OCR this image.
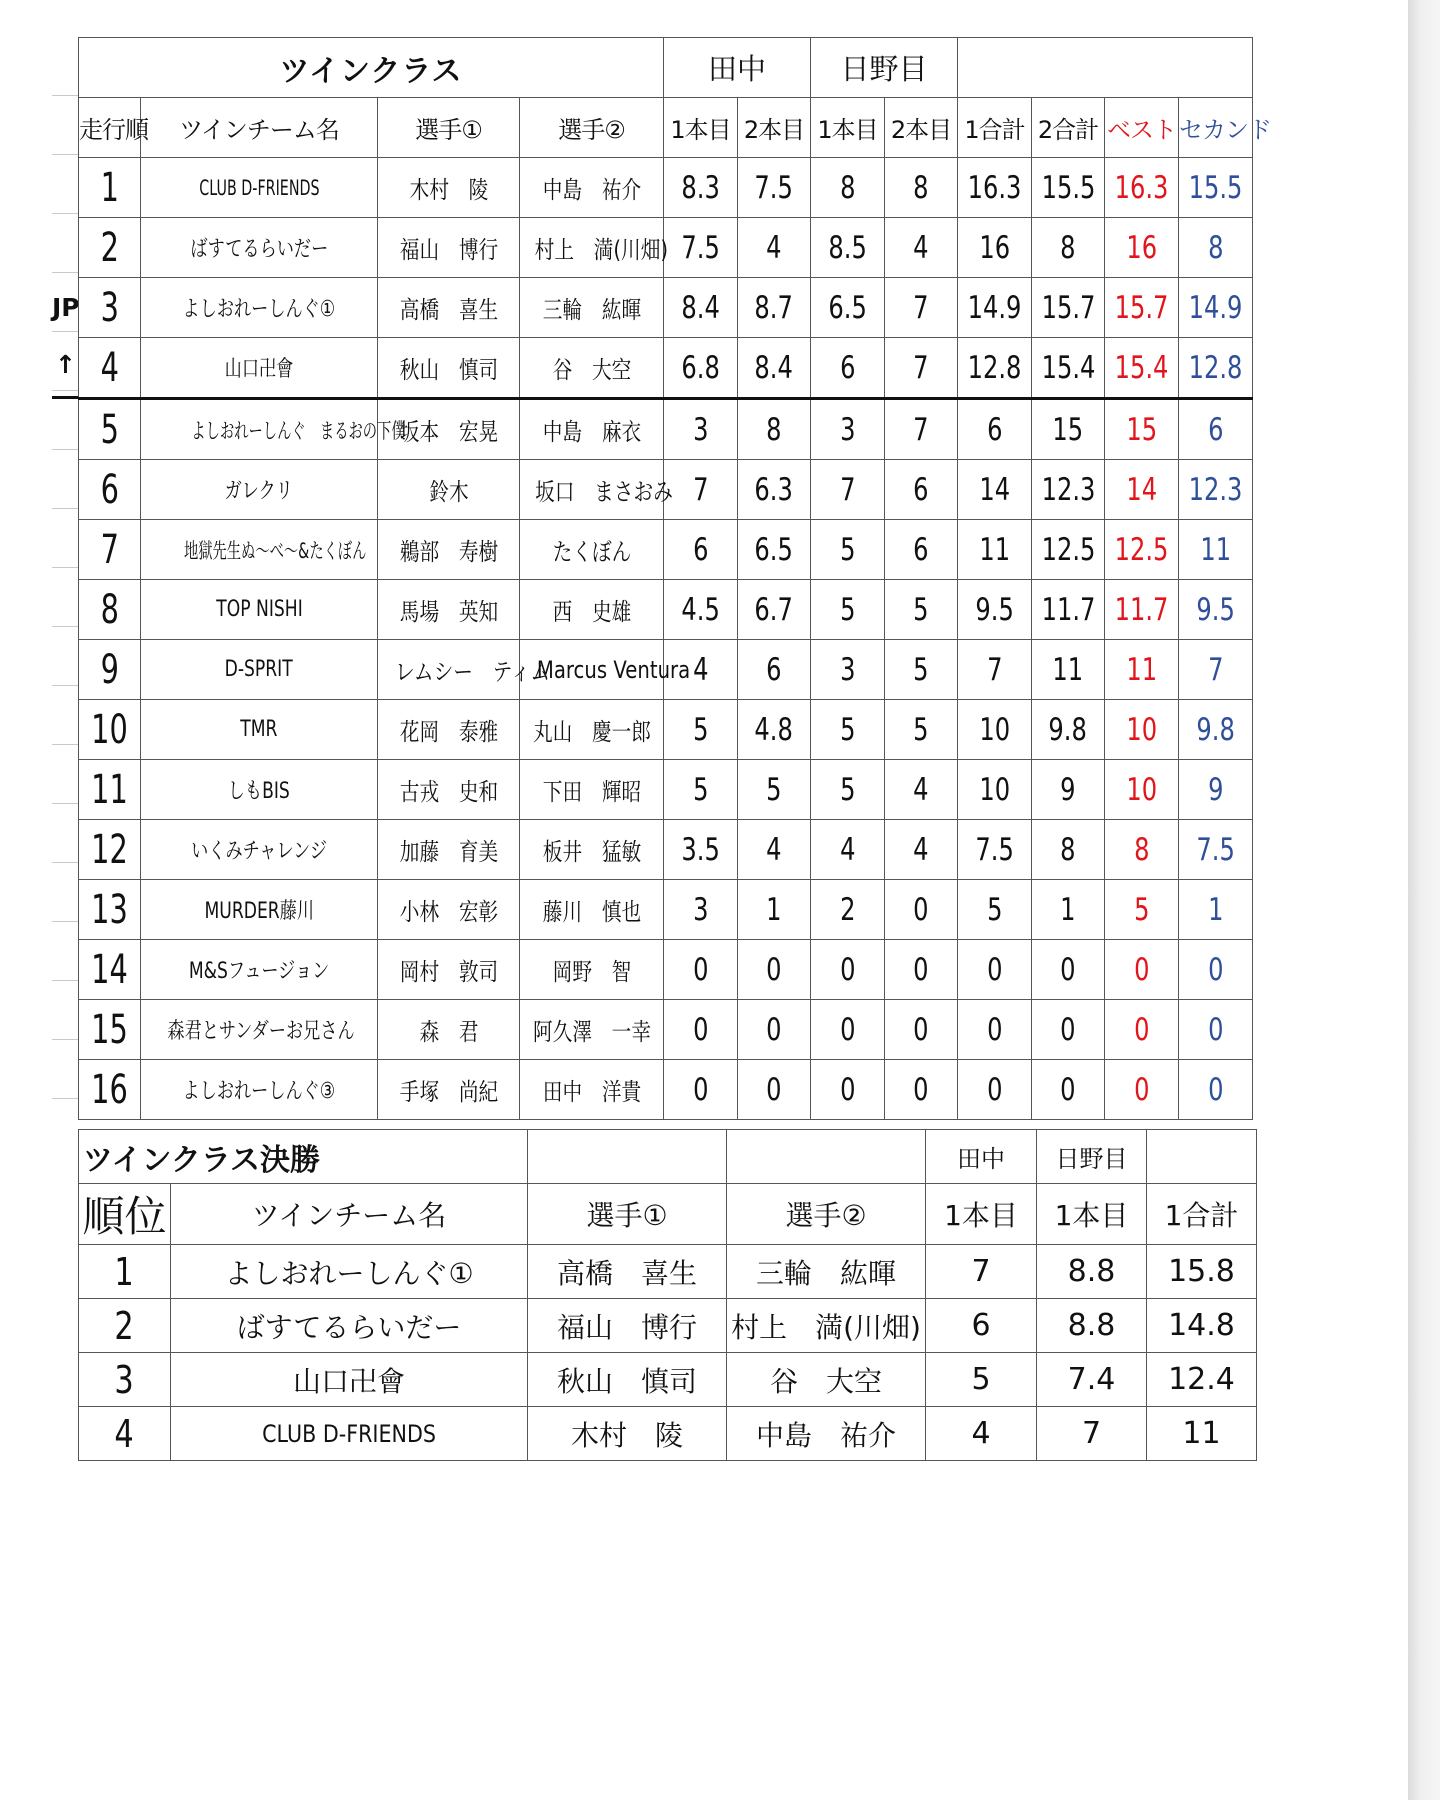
JP
↑
ツインクラス				田中		日野目					
走行順	ツインチーム名	選手①	選手②	1本目	2本目	1本目	2本目	1合計	2合計	ベスト	セカンド
1	CLUB D-FRIENDS	木村　陵	中島　祐介	8.3	7.5	8	8	16.3	15.5	16.3	15.5
2	ばすてるらいだー	福山　博行	村上　満(川畑)	7.5	4	8.5	4	16	8	16	8
3	よしおれーしんぐ①	高橋　喜生	三輪　紘暉	8.4	8.7	6.5	7	14.9	15.7	15.7	14.9
4	山口卍會	秋山　慎司	谷　大空	6.8	8.4	6	7	12.8	15.4	15.4	12.8
5	よしおれーしんぐ　まるおの下僕	坂本　宏晃	中島　麻衣	3	8	3	7	6	15	15	6
6	ガレクリ	鈴木	坂口　まさおみ	7	6.3	7	6	14	12.3	14	12.3
7	地獄先生ぬ～べ～&たくぼん	鵜部　寿樹	たくぼん	6	6.5	5	6	11	12.5	12.5	11
8	TOP NISHI	馬場　英知	西　史雄	4.5	6.7	5	5	9.5	11.7	11.7	9.5
9	D-SPRIT	レムシー　ティム	Marcus Ventura	4	6	3	5	7	11	11	7
10	TMR	花岡　泰雅	丸山　慶一郎	5	4.8	5	5	10	9.8	10	9.8
11	しもBIS	古戎　史和	下田　輝昭	5	5	5	4	10	9	10	9
12	いくみチャレンジ	加藤　育美	板井　猛敏	3.5	4	4	4	7.5	8	8	7.5
13	MURDER藤川	小林　宏彰	藤川　慎也	3	1	2	0	5	1	5	1
14	M&Sフュージョン	岡村　敦司	岡野　智	0	0	0	0	0	0	0	0
15	森君とサンダーお兄さん	森　君	阿久澤　一幸	0	0	0	0	0	0	0	0
16	よしおれーしんぐ③	手塚　尚紀	田中　洋貴	0	0	0	0	0	0	0	0
ツインクラス決勝				田中	日野目	
順位	ツインチーム名	選手①	選手②	1本目	1本目	1合計
1	よしおれーしんぐ①	高橋　喜生	三輪　紘暉	7	8.8	15.8
2	ばすてるらいだー	福山　博行	村上　満(川畑)	6	8.8	14.8
3	山口卍會	秋山　慎司	谷　大空	5	7.4	12.4
4	CLUB D-FRIENDS	木村　陵	中島　祐介	4	7	11
